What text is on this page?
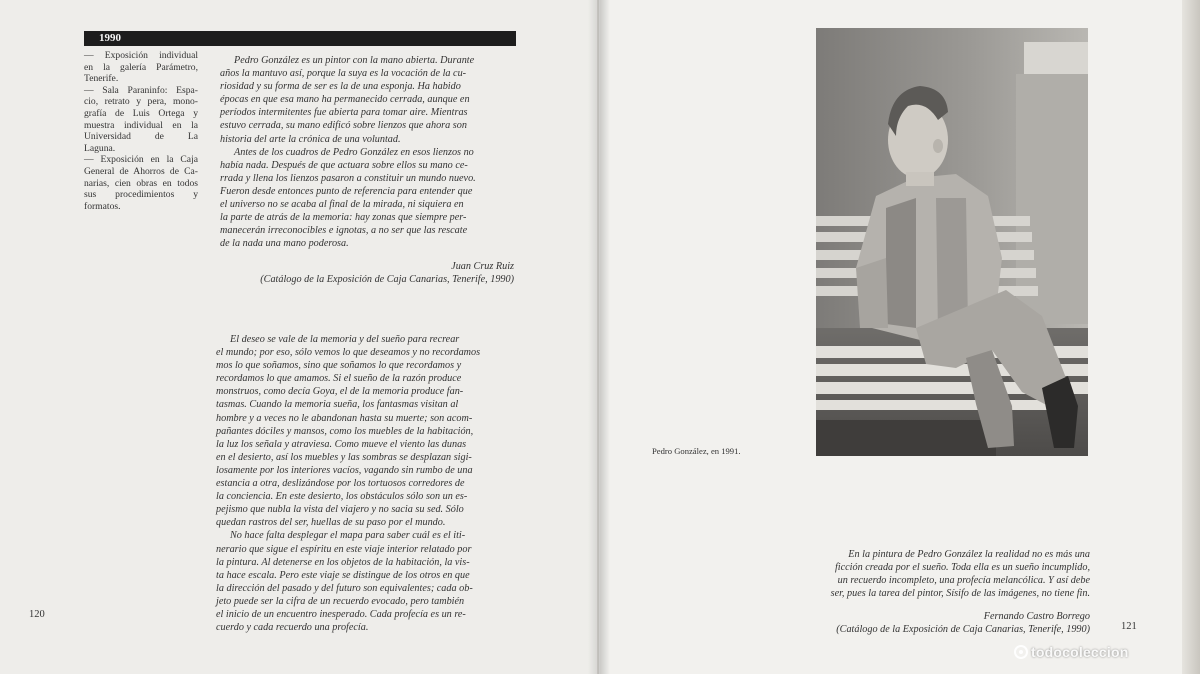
1990
— Exposición individual
en la galería Parámetro,
Tenerife.
— Sala Paraninfo: Espa-
cio, retrato y pera, mono-
grafía de Luis Ortega y
muestra individual en la
Universidad de La
Laguna.
— Exposición en la Caja
General de Ahorros de Ca-
narias, cien obras en todos
sus procedimientos y
formatos.
Pedro González es un pintor con la mano abierta. Durante
años la mantuvo así, porque la suya es la vocación de la cu-
riosidad y su forma de ser es la de una esponja. Ha habido
épocas en que esa mano ha permanecido cerrada, aunque en
períodos intermitentes fue abierta para tomar aire. Mientras
estuvo cerrada, su mano edificó sobre lienzos que ahora son
historia del arte la crónica de una voluntad.
Antes de los cuadros de Pedro González en esos lienzos no
había nada. Después de que actuara sobre ellos su mano ce-
rrada y llena los lienzos pasaron a constituir un mundo nuevo.
Fueron desde entonces punto de referencia para entender que
el universo no se acaba al final de la mirada, ni siquiera en
la parte de atrás de la memoria: hay zonas que siempre per-
manecerán irreconocibles e ignotas, a no ser que las rescate
de la nada una mano poderosa.
Juan Cruz Ruiz
(Catálogo de la Exposición de Caja Canarias, Tenerife, 1990)
El deseo se vale de la memoria y del sueño para recrear
el mundo; por eso, sólo vemos lo que deseamos y no recordamos
mos lo que soñamos, sino que soñamos lo que recordamos y
recordamos lo que amamos. Si el sueño de la razón produce
monstruos, como decía Goya, el de la memoria produce fan-
tasmas. Cuando la memoria sueña, los fantasmas visitan al
hombre y a veces no le abandonan hasta su muerte; son acom-
pañantes dóciles y mansos, como los muebles de la habitación,
la luz los señala y atraviesa. Como mueve el viento las dunas
en el desierto, así los muebles y las sombras se desplazan sigi-
losamente por los interiores vacíos, vagando sin rumbo de una
estancia a otra, deslizándose por los tortuosos corredores de
la conciencia. En este desierto, los obstáculos sólo son un es-
pejismo que nubla la vista del viajero y no sacia su sed. Sólo
quedan rastros del ser, huellas de su paso por el mundo.
No hace falta desplegar el mapa para saber cuál es el iti-
nerario que sigue el espíritu en este viaje interior relatado por
la pintura. Al detenerse en los objetos de la habitación, la vis-
ta hace escala. Pero este viaje se distingue de los otros en que
la dirección del pasado y del futuro son equivalentes; cada ob-
jeto puede ser la cifra de un recuerdo evocado, pero también
el inicio de un encuentro inesperado. Cada profecía es un re-
cuerdo y cada recuerdo una profecía.
120
Pedro González, en 1991.
En la pintura de Pedro González la realidad no es más una
ficción creada por el sueño. Toda ella es un sueño incumplido,
un recuerdo incompleto, una profecía melancólica. Y así debe
ser, pues la tarea del pintor, Sísifo de las imágenes, no tiene fin.
Fernando Castro Borrego
(Catálogo de la Exposición de Caja Canarias, Tenerife, 1990)	121
todocoleccion
